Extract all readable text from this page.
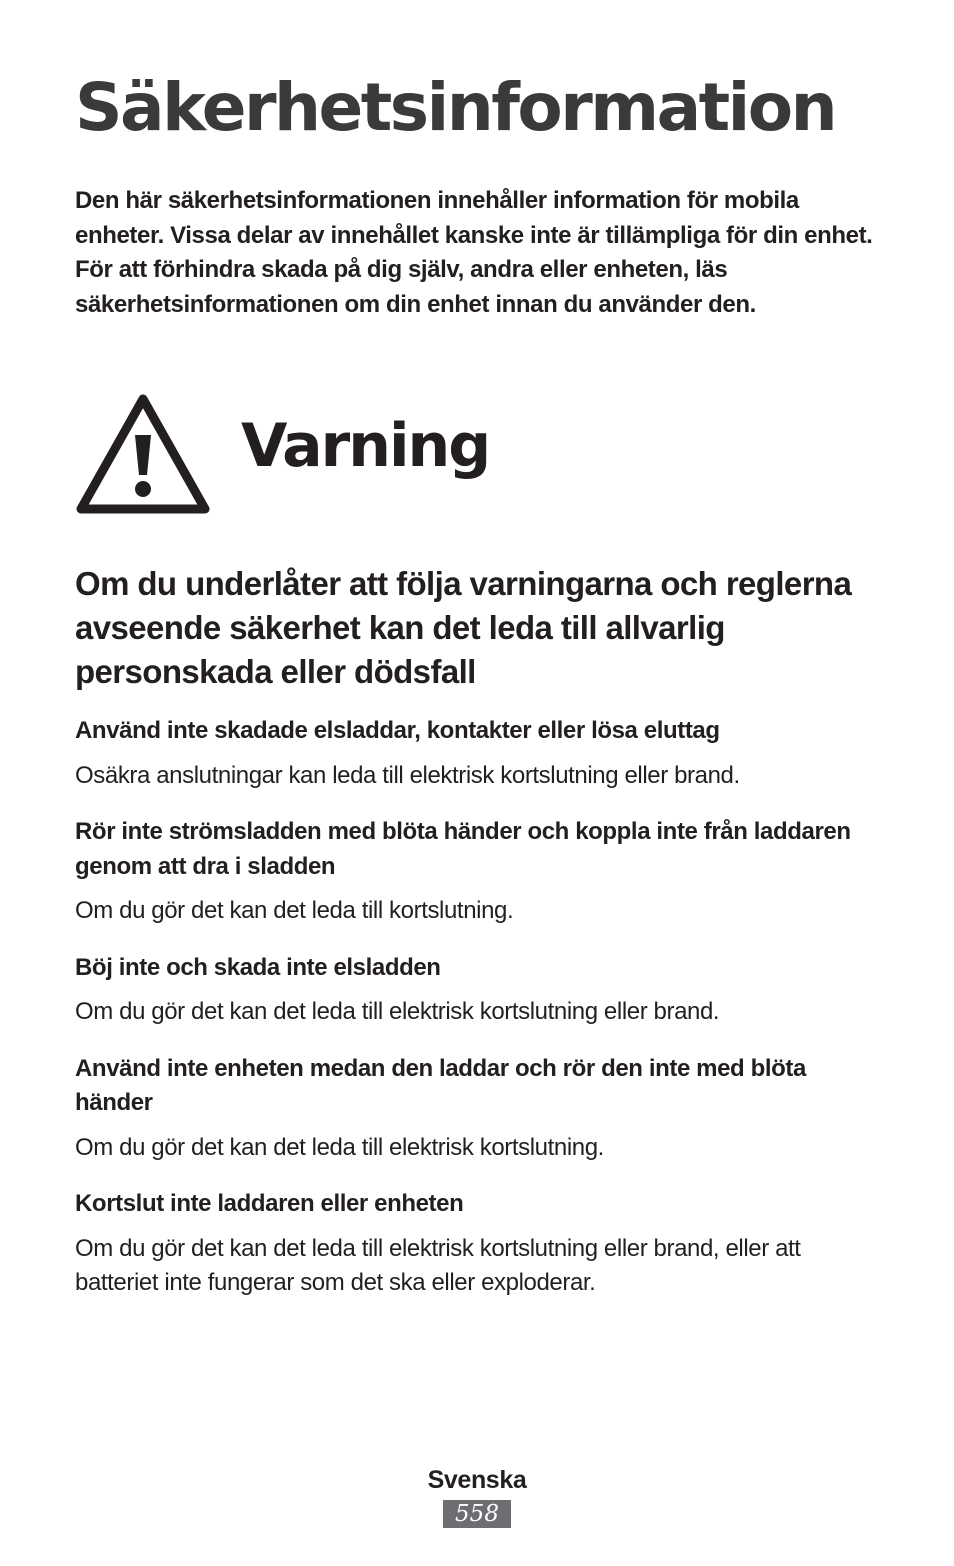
Säkerhetsinformation

Den här säkerhetsinformationen innehåller information för mobila enheter. Vissa delar av innehållet kanske inte är tillämpliga för din enhet. För att förhindra skada på dig själv, andra eller enheten, läs säkerhetsinformationen om din enhet innan du använder den.

Varning
Om du underlåter att följa varningarna och reglerna avseende säkerhet kan det leda till allvarlig personskada eller dödsfall

Använd inte skadade elsladdar, kontakter eller lösa eluttag

Osäkra anslutningar kan leda till elektrisk kortslutning eller brand.

Rör inte strömsladden med blöta händer och koppla inte från laddaren genom att dra i sladden

Om du gör det kan det leda till kortslutning.

Böj inte och skada inte elsladden

Om du gör det kan det leda till elektrisk kortslutning eller brand.

Använd inte enheten medan den laddar och rör den inte med blöta händer

Om du gör det kan det leda till elektrisk kortslutning.

Kortslut inte laddaren eller enheten

Om du gör det kan det leda till elektrisk kortslutning eller brand, eller att batteriet inte fungerar som det ska eller exploderar.

Svenska
558
